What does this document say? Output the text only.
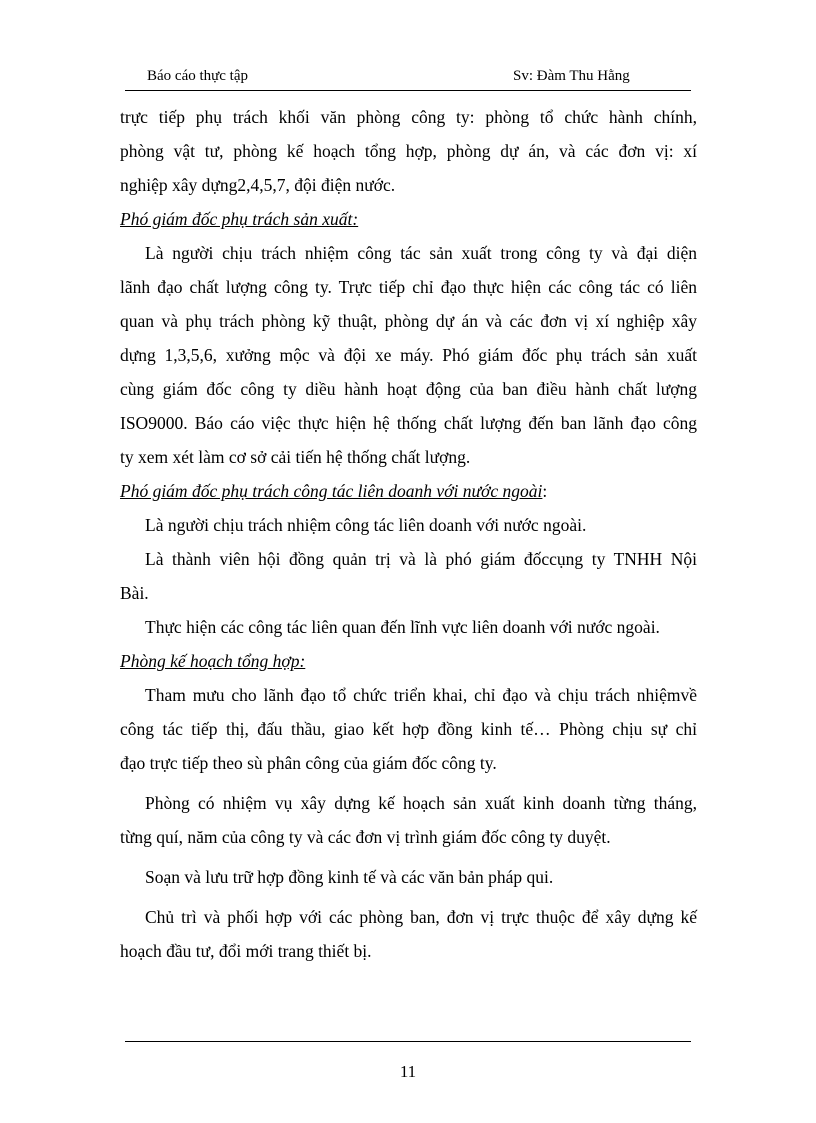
Báo cáo thực tập	Sv: Đàm Thu Hằng
trực tiếp phụ trách khối văn phòng công ty: phòng tổ chức hành chính,
phòng vật tư, phòng kế hoạch tổng hợp, phòng dự án, và các đơn vị: xí
nghiệp xây dựng2,4,5,7, đội điện nước.
Phó giám đốc phụ trách sản xuất:
Là người chịu trách nhiệm công tác sản xuất trong công ty và đại diện
lãnh đạo chất lượng công ty. Trực tiếp chỉ đạo thực hiện các công tác có liên
quan và phụ trách phòng kỹ thuật, phòng dự án và các đơn vị xí nghiệp xây
dựng 1,3,5,6, xưởng mộc và đội xe máy. Phó giám đốc phụ trách sản xuất
cùng giám đốc công ty diều hành hoạt động của ban điều hành chất lượng
ISO9000. Báo cáo việc thực hiện hệ thống chất lượng đến ban lãnh đạo công
ty xem xét làm cơ sở cải tiến hệ thống chất lượng.
Phó giám đốc phụ trách công tác liên doanh với nước ngoài:
Là người chịu trách nhiệm công tác liên doanh với nước ngoài.
Là thành viên hội đồng quản trị và là phó giám đốccụng ty TNHH Nội
Bài.
Thực hiện các công tác liên quan đến lĩnh vực liên doanh với nước ngoài.
Phòng kế hoạch tổng hợp:
Tham mưu cho lãnh đạo tổ chức triển khai, chỉ đạo và chịu trách nhiệmvề
công tác tiếp thị, đấu thầu, giao kết hợp đồng kinh tế… Phòng chịu sự chỉ
đạo trực tiếp theo sù phân công của giám đốc công ty.
Phòng có nhiệm vụ xây dựng kế hoạch sản xuất kinh doanh từng tháng,
từng quí, năm của công ty và các đơn vị trình giám đốc công ty duyệt.
Soạn và lưu trữ hợp đồng kinh tế và các văn bản pháp qui.
Chủ trì và phối hợp với các phòng ban, đơn vị trực thuộc để xây dựng kế
hoạch đầu tư, đổi mới trang thiết bị.
11
